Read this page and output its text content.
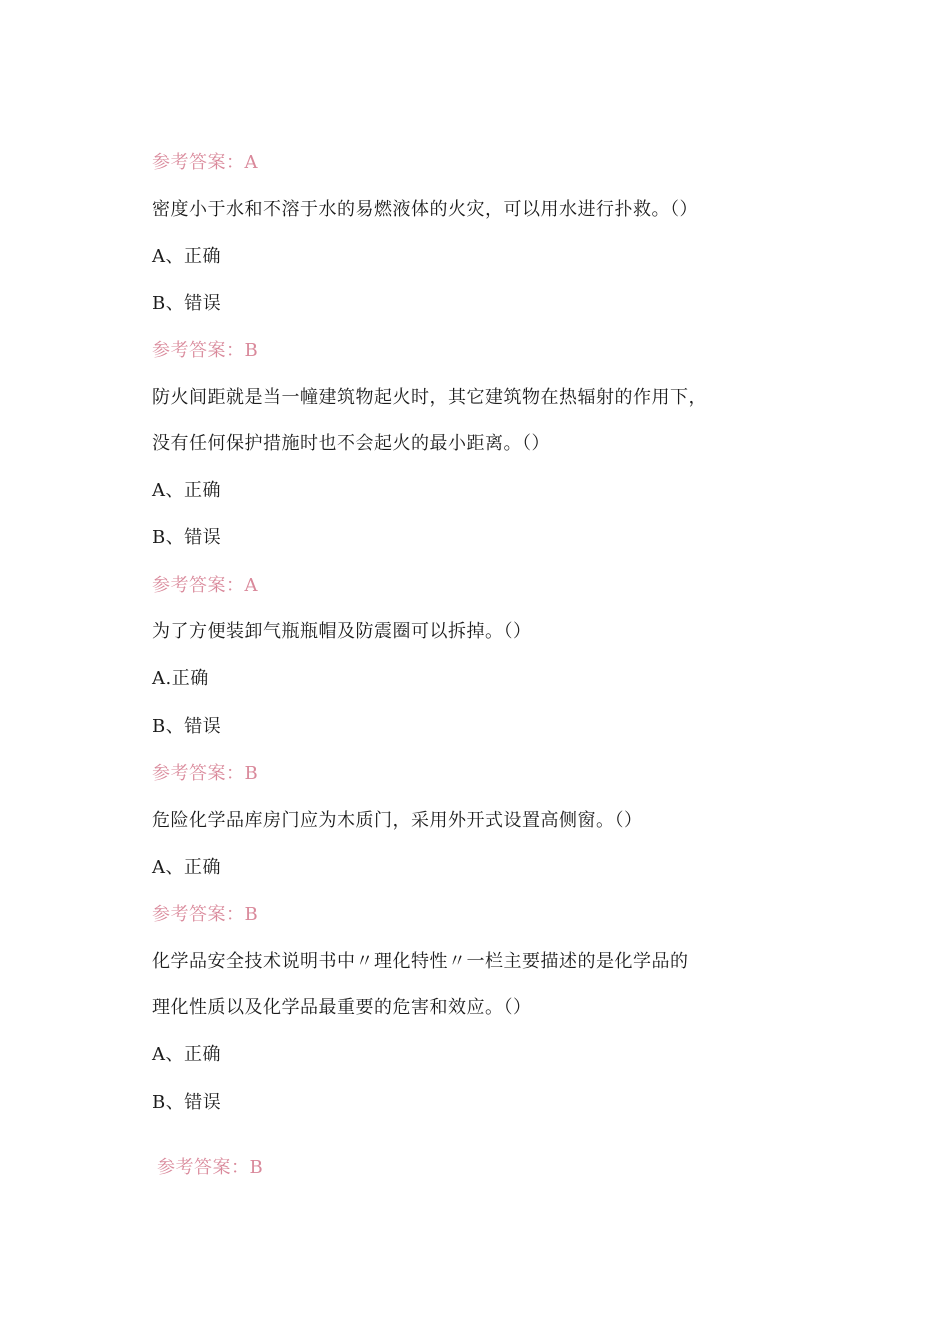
参考答案：A
密度小于水和不溶于水的易燃液体的火灾，可以用水进行扑救。（）
A、正确
B、错误
参考答案：B
防火间距就是当一幢建筑物起火时，其它建筑物在热辐射的作用下，
没有任何保护措施时也不会起火的最小距离。（）
A、正确
B、错误
参考答案：A
为了方便装卸气瓶瓶帽及防震圈可以拆掉。（）
A.正确
B、错误
参考答案：B
危险化学品库房门应为木质门，采用外开式设置高侧窗。（）
A、正确
参考答案：B
化学品安全技术说明书中〃理化特性〃一栏主要描述的是化学品的
理化性质以及化学品最重要的危害和效应。（）
A、正确
B、错误
参考答案：B
